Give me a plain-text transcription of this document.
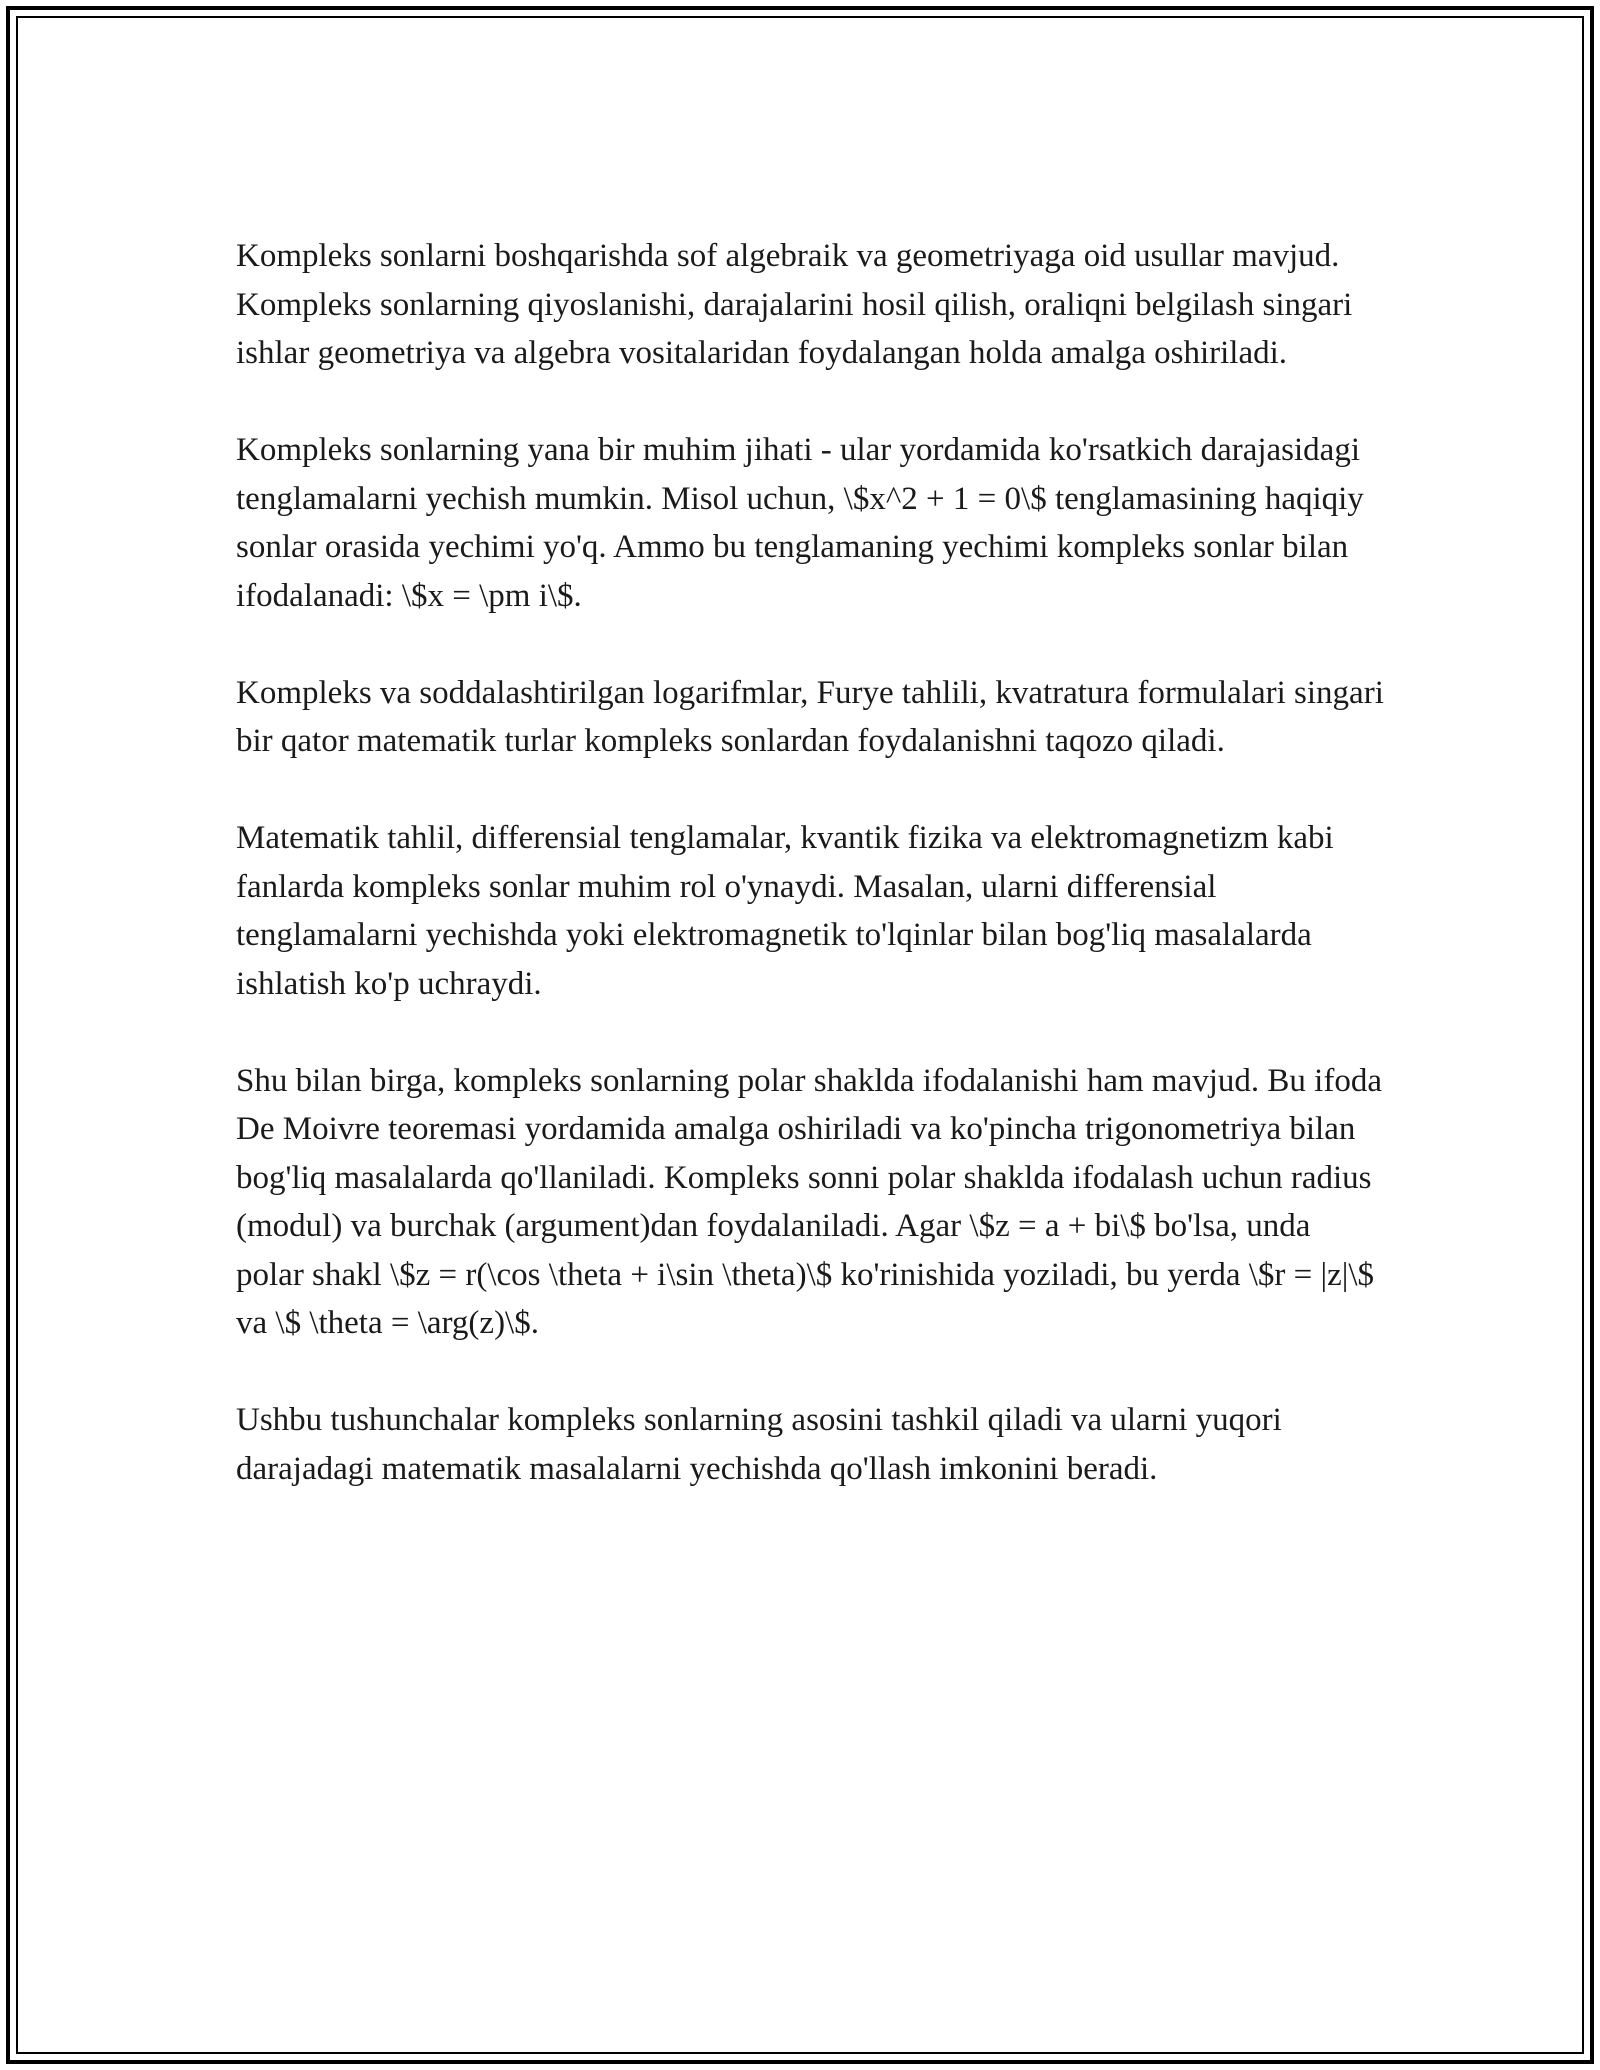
Kompleks sonlarni boshqarishda sof algebraik va geometriyaga oid usullar mavjud. Kompleks sonlarning qiyoslanishi, darajalarini hosil qilish, oraliqni belgilash singari ishlar geometriya va algebra vositalaridan foydalangan holda amalga oshiriladi.

Kompleks sonlarning yana bir muhim jihati - ular yordamida ko'rsatkich darajasidagi tenglamalarni yechish mumkin. Misol uchun, \$x^2 + 1 = 0\$ tenglamasining haqiqiy sonlar orasida yechimi yo'q. Ammo bu tenglamaning yechimi kompleks sonlar bilan ifodalanadi: \$x = \pm i\$.

Kompleks va soddalashtirilgan logarifmlar, Furye tahlili, kvatratura formulalari singari bir qator matematik turlar kompleks sonlardan foydalanishni taqozo qiladi.

Matematik tahlil, differensial tenglamalar, kvantik fizika va elektromagnetizm kabi fanlarda kompleks sonlar muhim rol o'ynaydi. Masalan, ularni differensial tenglamalarni yechishda yoki elektromagnetik to'lqinlar bilan bog'liq masalalarda ishlatish ko'p uchraydi.

Shu bilan birga, kompleks sonlarning polar shaklda ifodalanishi ham mavjud. Bu ifoda De Moivre teoremasi yordamida amalga oshiriladi va ko'pincha trigonometriya bilan bog'liq masalalarda qo'llaniladi. Kompleks sonni polar shaklda ifodalash uchun radius (modul) va burchak (argument)dan foydalaniladi. Agar \$z = a + bi\$ bo'lsa, unda polar shakl \$z = r(\cos \theta + i\sin \theta)\$ ko'rinishida yoziladi, bu yerda \$r = |z|\$ va \$ \theta = \arg(z)\$.

Ushbu tushunchalar kompleks sonlarning asosini tashkil qiladi va ularni yuqori darajadagi matematik masalalarni yechishda qo'llash imkonini beradi.
